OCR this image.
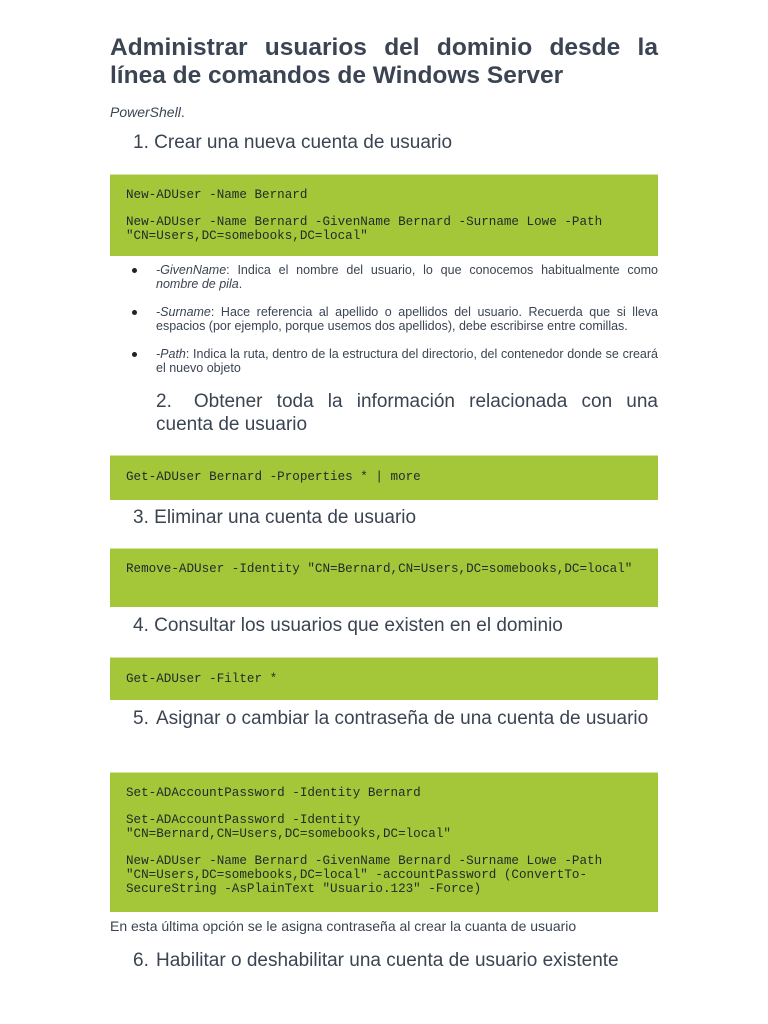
Administrar usuarios del dominio desde la línea de comandos de Windows Server
PowerShell.
1. Crear una nueva cuenta de usuario
New-ADUser -Name Bernard
New-ADUser -Name Bernard -GivenName Bernard -Surname Lowe -Path "CN=Users,DC=somebooks,DC=local"
-GivenName: Indica el nombre del usuario, lo que conocemos habitualmente como nombre de pila.
-Surname: Hace referencia al apellido o apellidos del usuario. Recuerda que si lleva espacios (por ejemplo, porque usemos dos apellidos), debe escribirse entre comillas.
-Path: Indica la ruta, dentro de la estructura del directorio, del contenedor donde se creará el nuevo objeto
2. Obtener toda la información relacionada con una cuenta de usuario
Get-ADUser Bernard -Properties * | more
3. Eliminar una cuenta de usuario
Remove-ADUser -Identity "CN=Bernard,CN=Users,DC=somebooks,DC=local"
4. Consultar los usuarios que existen en el dominio
Get-ADUser -Filter *
5. Asignar o cambiar la contraseña de una cuenta de usuario
Set-ADAccountPassword -Identity Bernard
Set-ADAccountPassword -Identity "CN=Bernard,CN=Users,DC=somebooks,DC=local"
New-ADUser -Name Bernard -GivenName Bernard -Surname Lowe -Path "CN=Users,DC=somebooks,DC=local" -accountPassword (ConvertTo-SecureString -AsPlainText "Usuario.123" -Force)
En esta última opción se le asigna contraseña al crear la cuanta de usuario
6. Habilitar o deshabilitar una cuenta de usuario existente
